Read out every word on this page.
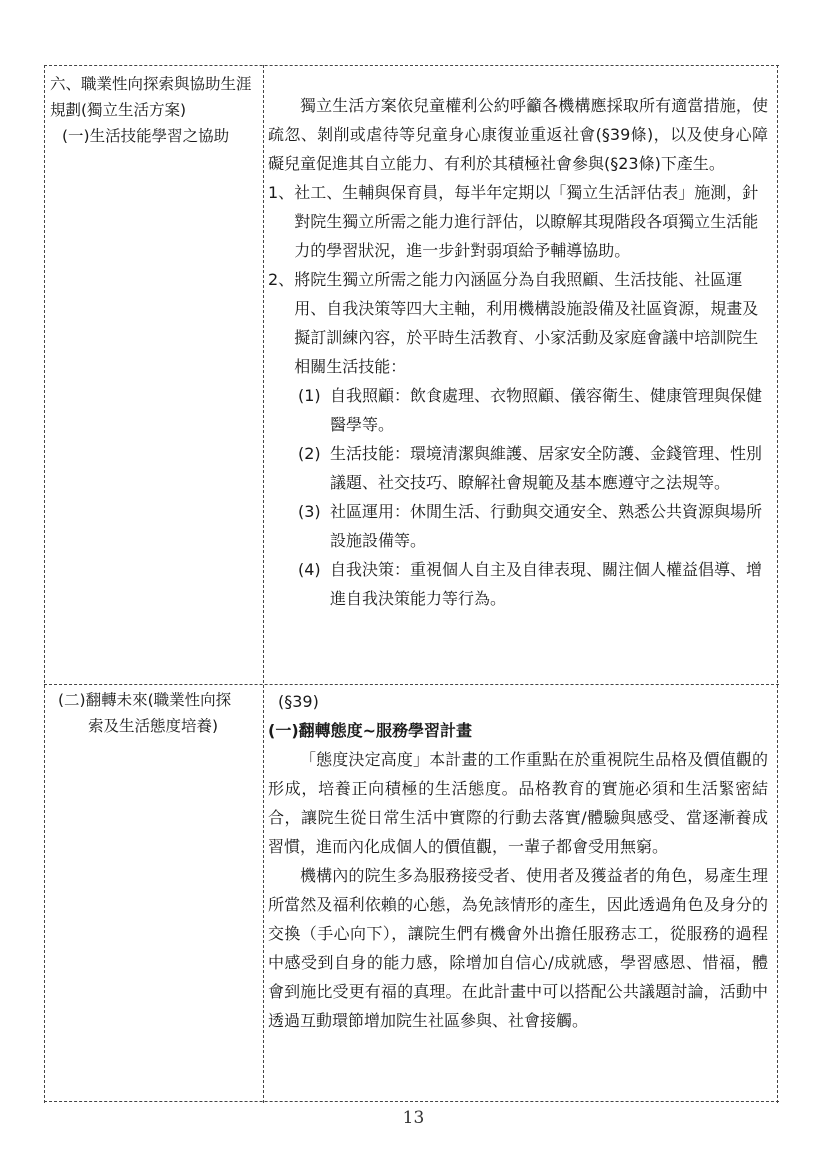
六、職業性向探索與協助生涯
規劃(獨立生活方案)
(一)生活技能學習之協助

獨立生活方案依兒童權利公約呼籲各機構應採取所有適當措施，使疏忽、剝削或虐待等兒童身心康復並重返社會(§39條)，以及使身心障礙兒童促進其自立能力、有利於其積極社會參與(§23條)下產生。

1、 社工、生輔與保育員，每半年定期以「獨立生活評估表」施測，針對院生獨立所需之能力進行評估，以瞭解其現階段各項獨立生活能力的學習狀況，進一步針對弱項給予輔導協助。
2、 將院生獨立所需之能力內涵區分為自我照顧、生活技能、社區運用、自我決策等四大主軸，利用機構設施設備及社區資源，規畫及擬訂訓練內容，於平時生活教育、小家活動及家庭會議中培訓院生相關生活技能：
(1) 自我照顧：飲食處理、衣物照顧、儀容衛生、健康管理與保健醫學等。
(2) 生活技能：環境清潔與維護、居家安全防護、金錢管理、性別議題、社交技巧、瞭解社會規範及基本應遵守之法規等。
(3) 社區運用：休閒生活、行動與交通安全、熟悉公共資源與場所設施設備等。
(4) 自我決策：重視個人自主及自律表現、關注個人權益倡導、增進自我決策能力等行為。
(二)翻轉未來(職業性向探
索及生活態度培養)
(§39)
(一)翻轉態度~服務學習計畫

「態度決定高度」本計畫的工作重點在於重視院生品格及價值觀的形成，培養正向積極的生活態度。品格教育的實施必須和生活緊密結合，讓院生從日常生活中實際的行動去落實/體驗與感受、當逐漸養成習慣，進而內化成個人的價值觀，一輩子都會受用無窮。

機構內的院生多為服務接受者、使用者及獲益者的角色，易產生理所當然及福利依賴的心態，為免該情形的產生，因此透過角色及身分的交換（手心向下），讓院生們有機會外出擔任服務志工，從服務的過程中感受到自身的能力感，除增加自信心/成就感，學習感恩、惜福，體會到施比受更有福的真理。在此計畫中可以搭配公共議題討論，活動中透過互動環節增加院生社區參與、社會接觸。

13
